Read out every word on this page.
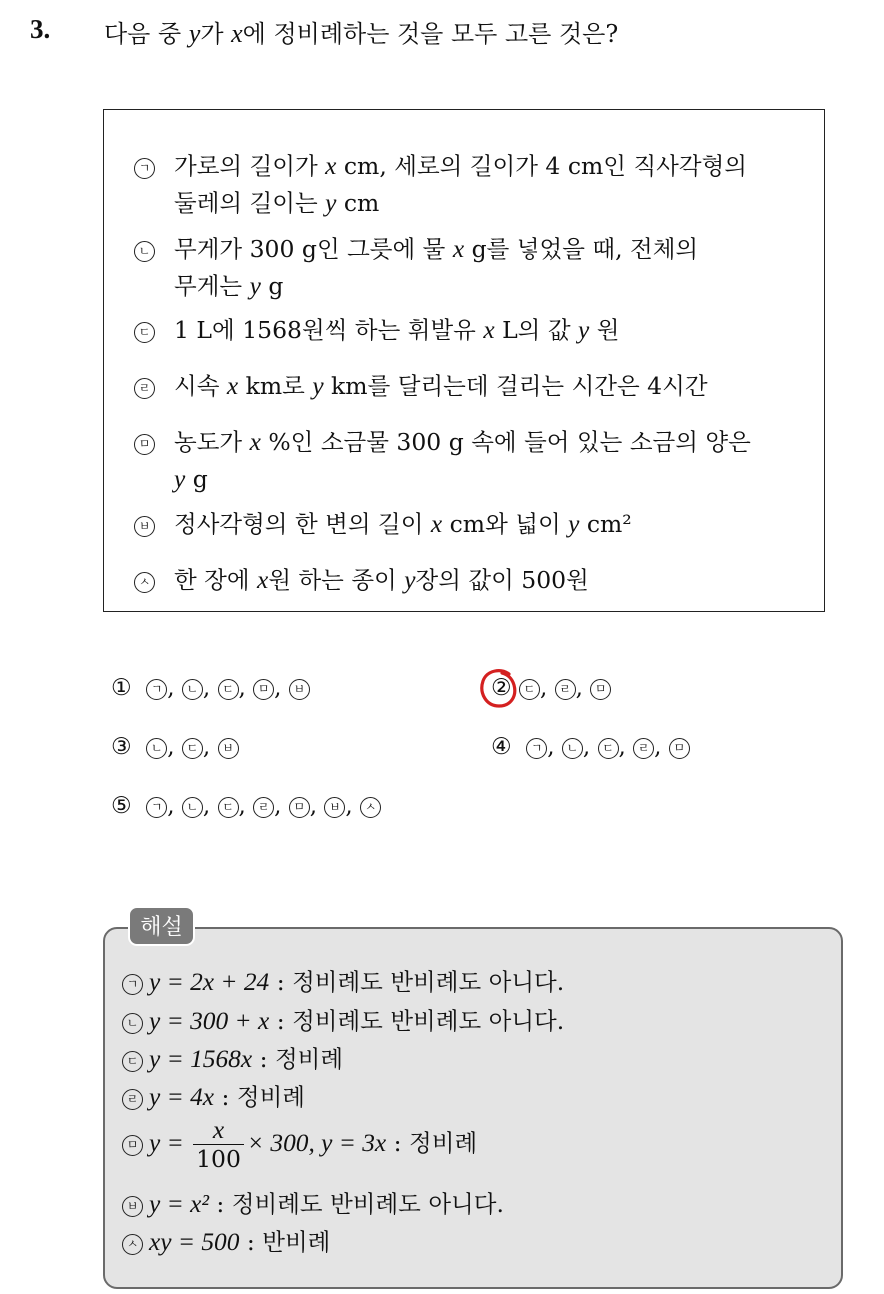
3. 다음 중 y가 x에 정비례하는 것을 모두 고른 것은?
ㄱ 가로의 길이가 x cm, 세로의 길이가 4 cm인 직사각형의
둘레의 길이는 y cm
ㄴ 무게가 300 g인 그릇에 물 x g를 넣었을 때, 전체의
무게는 y g
ㄷ 1 L에 1568원씩 하는 휘발유 x L의 값 y 원
ㄹ 시속 x km로 y km를 달리는데 걸리는 시간은 4시간
ㅁ 농도가 x %인 소금물 300 g 속에 들어 있는 소금의 양은
y g
ㅂ 정사각형의 한 변의 길이 x cm와 넓이 y cm²
ㅅ 한 장에 x원 하는 종이 y장의 값이 500원
① ㄱ , ㄴ , ㄷ , ㅁ , ㅂ	② ㄷ , ㄹ , ㅁ
③ ㄴ , ㄷ , ㅂ	④ ㄱ , ㄴ , ㄷ , ㄹ , ㅁ
⑤ ㄱ , ㄴ , ㄷ , ㄹ , ㅁ , ㅂ , ㅅ
해설
ㄱ y = 2x + 24 : 정비례도 반비례도 아니다.
ㄴ y = 300 + x : 정비례도 반비례도 아니다.
ㄷ y = 1568x : 정비례
ㄹ y = 4x : 정비례
ㅁ $y = \frac{x}{100} \times 300$, y = 3x : 정비례
ㅂ y = x² : 정비례도 반비례도 아니다.
ㅅ xy = 500 : 반비례
